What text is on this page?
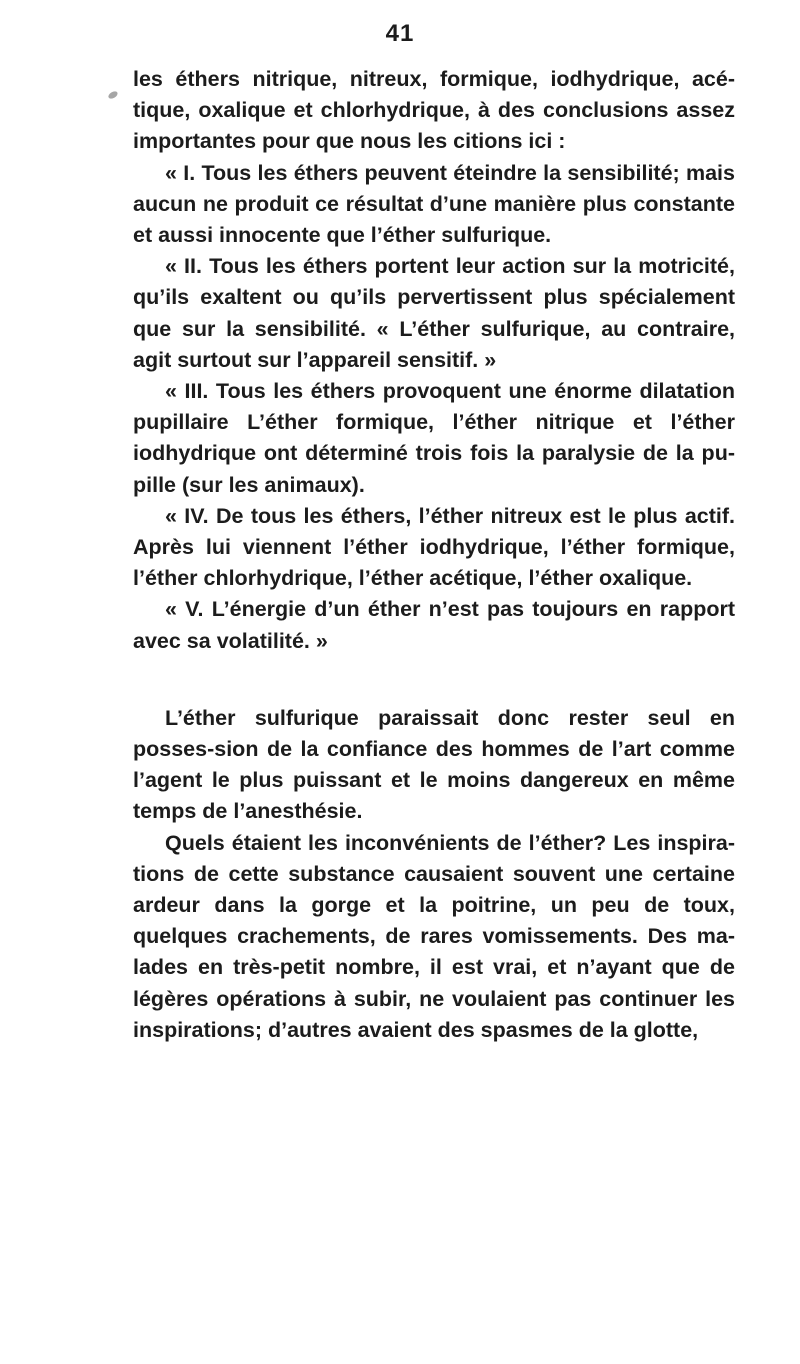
41

les éthers nitrique, nitreux, formique, iodhydrique, acé-tique, oxalique et chlorhydrique, à des conclusions assez importantes pour que nous les citions ici :

« I. Tous les éthers peuvent éteindre la sensibilité; mais aucun ne produit ce résultat d’une manière plus constante et aussi innocente que l’éther sulfurique.

« II. Tous les éthers portent leur action sur la motricité, qu’ils exaltent ou qu’ils pervertissent plus spécialement que sur la sensibilité. « L’éther sulfurique, au contraire, agit surtout sur l’appareil sensitif. »

« III. Tous les éthers provoquent une énorme dilatation pupillaire L’éther formique, l’éther nitrique et l’éther iodhydrique ont déterminé trois fois la paralysie de la pu-pille (sur les animaux).

« IV. De tous les éthers, l’éther nitreux est le plus actif. Après lui viennent l’éther iodhydrique, l’éther formique, l’éther chlorhydrique, l’éther acétique, l’éther oxalique.

« V. L’énergie d’un éther n’est pas toujours en rapport avec sa volatilité. »

L’éther sulfurique paraissait donc rester seul en posses-sion de la confiance des hommes de l’art comme l’agent le plus puissant et le moins dangereux en même temps de l’anesthésie.

Quels étaient les inconvénients de l’éther? Les inspira-tions de cette substance causaient souvent une certaine ardeur dans la gorge et la poitrine, un peu de toux, quelques crachements, de rares vomissements. Des ma-lades en très-petit nombre, il est vrai, et n’ayant que de légères opérations à subir, ne voulaient pas continuer les inspirations; d’autres avaient des spasmes de la glotte,
